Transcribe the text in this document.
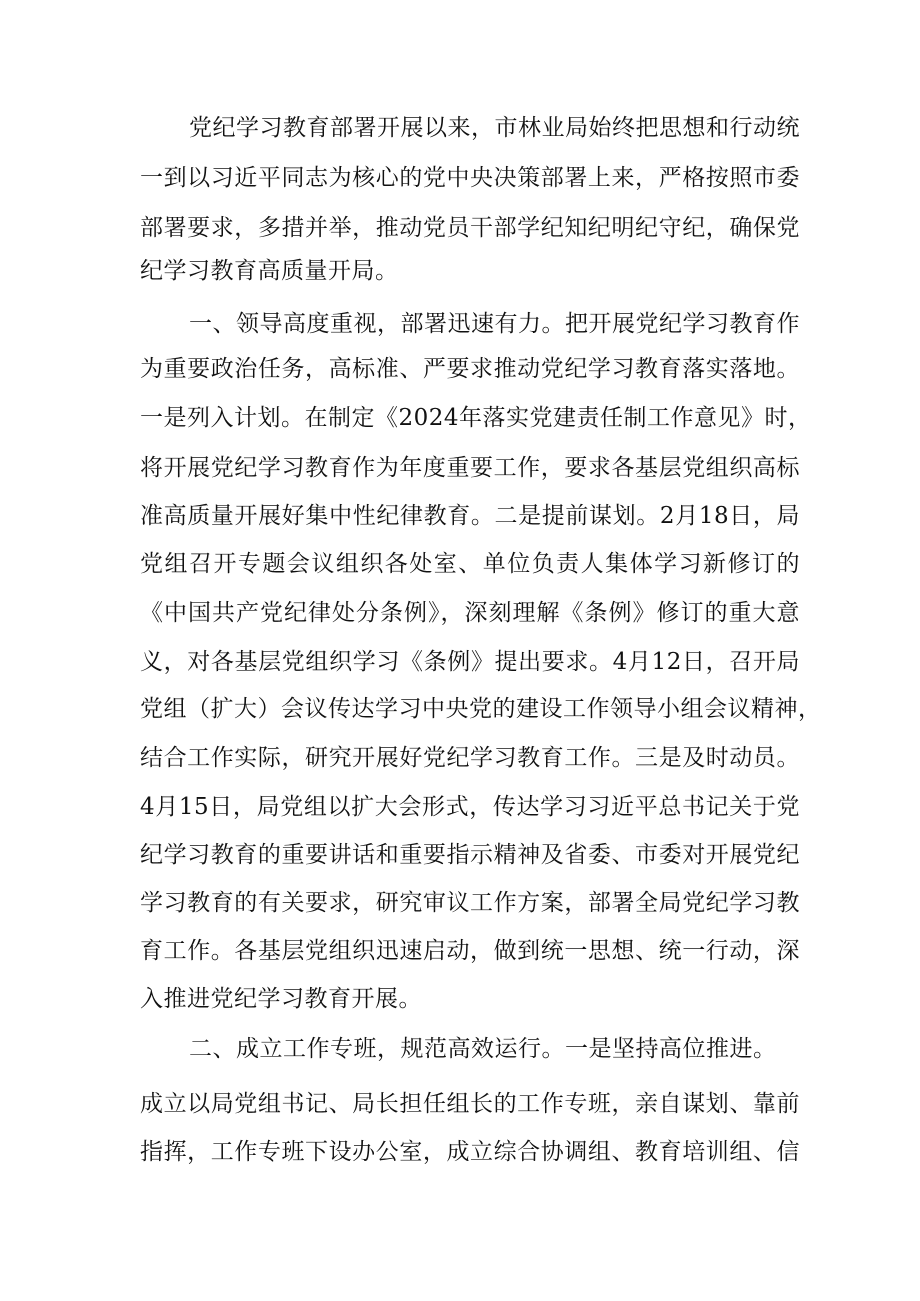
党纪学习教育部署开展以来，市林业局始终把思想和行动统
一到以习近平同志为核心的党中央决策部署上来，严格按照市委
部署要求，多措并举，推动党员干部学纪知纪明纪守纪，确保党
纪学习教育高质量开局。
一、领导高度重视，部署迅速有力。把开展党纪学习教育作
为重要政治任务，高标准、严要求推动党纪学习教育落实落地。
一是列入计划。在制定《2024年落实党建责任制工作意见》时，
将开展党纪学习教育作为年度重要工作，要求各基层党组织高标
准高质量开展好集中性纪律教育。二是提前谋划。2月18日，局
党组召开专题会议组织各处室、单位负责人集体学习新修订的
《中国共产党纪律处分条例》，深刻理解《条例》修订的重大意
义，对各基层党组织学习《条例》提出要求。4月12日，召开局
党组（扩大）会议传达学习中央党的建设工作领导小组会议精神，
结合工作实际，研究开展好党纪学习教育工作。三是及时动员。
4月15日，局党组以扩大会形式，传达学习习近平总书记关于党
纪学习教育的重要讲话和重要指示精神及省委、市委对开展党纪
学习教育的有关要求，研究审议工作方案，部署全局党纪学习教
育工作。各基层党组织迅速启动，做到统一思想、统一行动，深
入推进党纪学习教育开展。
二、成立工作专班，规范高效运行。一是坚持高位推进。
成立以局党组书记、局长担任组长的工作专班，亲自谋划、靠前
指挥，工作专班下设办公室，成立综合协调组、教育培训组、信
